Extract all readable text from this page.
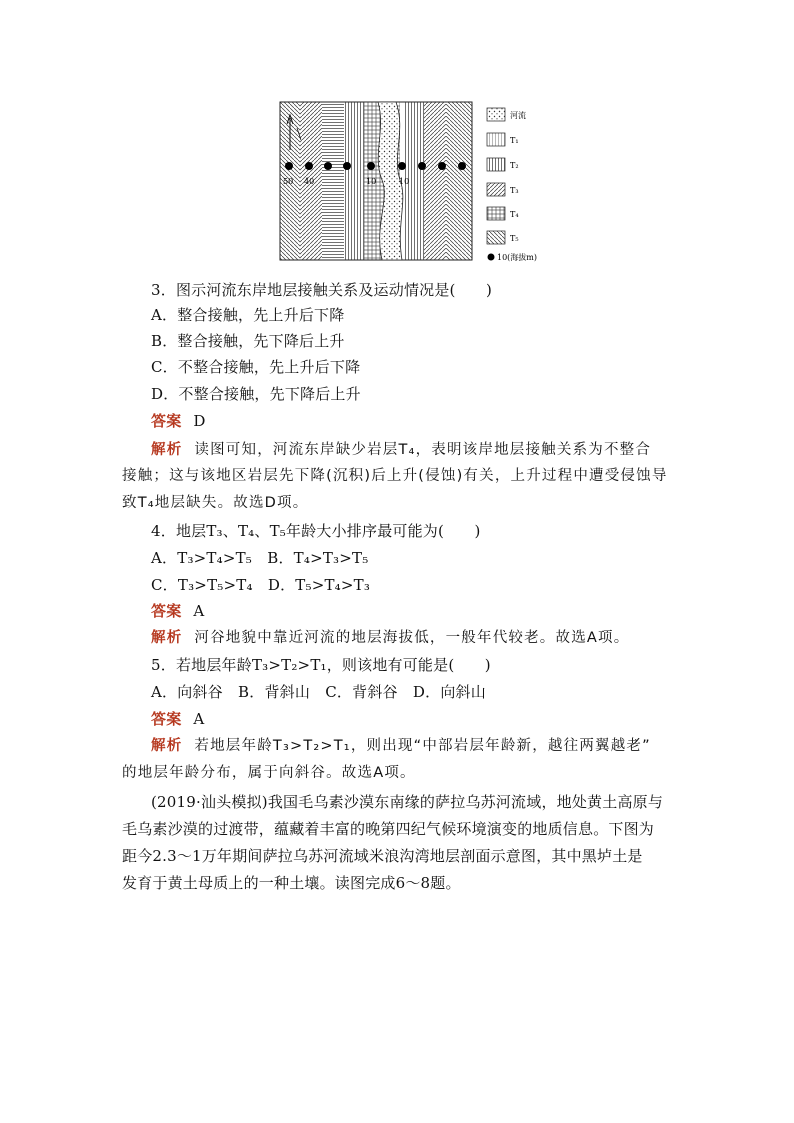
50 40	10	10
河流
T₁
T₂
T₃
T₄
T₅
10(海拔m)

3．图示河流东岸地层接触关系及运动情况是(　　)

A．整合接触，先上升后下降

B．整合接触，先下降后上升

C．不整合接触，先上升后下降

D．不整合接触，先下降后上升

答案 D

解析 读图可知，河流东岸缺少岩层T₄，表明该岸地层接触关系为不整合

接触；这与该地区岩层先下降(沉积)后上升(侵蚀)有关，上升过程中遭受侵蚀导

致T₄地层缺失。故选D项。

4．地层T₃、T₄、T₅年龄大小排序最可能为(　　)

A．T₃>T₄>T₅　B．T₄>T₃>T₅

C．T₃>T₅>T₄　D．T₅>T₄>T₃

答案 A

解析 河谷地貌中靠近河流的地层海拔低，一般年代较老。故选A项。

5．若地层年龄T₃>T₂>T₁，则该地有可能是(　　)

A．向斜谷　B．背斜山　C．背斜谷　D．向斜山

答案 A

解析 若地层年龄T₃>T₂>T₁，则出现“中部岩层年龄新，越往两翼越老”

的地层年龄分布，属于向斜谷。故选A项。

(2019·汕头模拟)我国毛乌素沙漠东南缘的萨拉乌苏河流域，地处黄土高原与

毛乌素沙漠的过渡带，蕴藏着丰富的晚第四纪气候环境演变的地质信息。下图为

距今2.3～1万年期间萨拉乌苏河流域米浪沟湾地层剖面示意图，其中黑垆土是

发育于黄土母质上的一种土壤。读图完成6～8题。
